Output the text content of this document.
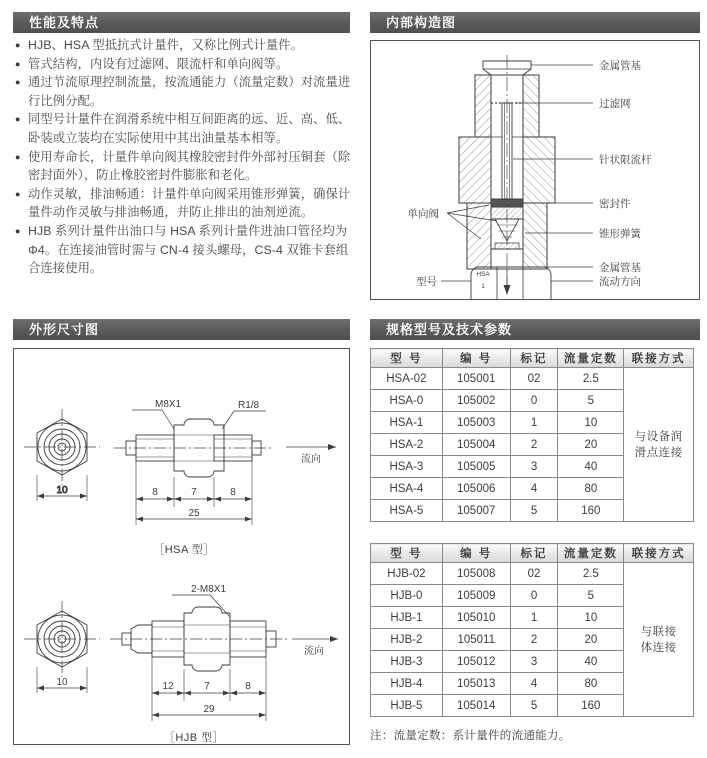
性能及特点
● HJB、HSA 型抵抗式计量件，又称比例式计量件。
● 管式结构，内设有过滤网、限流杆和单向阀等。
● 通过节流原理控制流量，按流通能力（流量定数）对流量进行比例分配。
● 同型号计量件在润滑系统中相互间距离的远、近、高、低、卧装或立装均在实际使用中其出油量基本相等。
● 使用寿命长，计量件单向阀其橡胶密封件外部衬压铜套（除密封面外），防止橡胶密封件膨胀和老化。
● 动作灵敏，排油畅通：计量件单向阀采用锥形弹簧，确保计量件动作灵敏与排油畅通，并防止排出的油剂逆流。
● HJB 系列计量件出油口与 HSA 系列计量件进油口管径均为 Φ4。在连接油管时需与 CN-4 接头螺母，CS-4 双锥卡套组合连接使用。
外形尺寸图
10
M8X1	R1/8
8	7	8
25
流向
10
2-M8X1
12	7	8
29
流向
［HSA 型］
［HJB 型］
内部构造图
HSA
1
金属管基
过滤网
针状限流杆
密封件
锥形弹簧
金属管基
流动方向
单向阀
型号
规格型号及技术参数
型 号	编 号	标记	流量定数	联接方式
HSA-02	105001	02	2.5	与设备润
滑点连接
HSA-0	105002	0	5	
HSA-1	105003	1	10	
HSA-2	105004	2	20	
HSA-3	105005	3	40	
HSA-4	105006	4	80	
HSA-5	105007	5	160	
型 号	编 号	标记	流量定数	联接方式
HJB-02	105008	02	2.5	与联接
体连接
HJB-0	105009	0	5	
HJB-1	105010	1	10	
HJB-2	105011	2	20	
HJB-3	105012	3	40	
HJB-4	105013	4	80	
HJB-5	105014	5	160	
注：流量定数：系计量件的流通能力。
